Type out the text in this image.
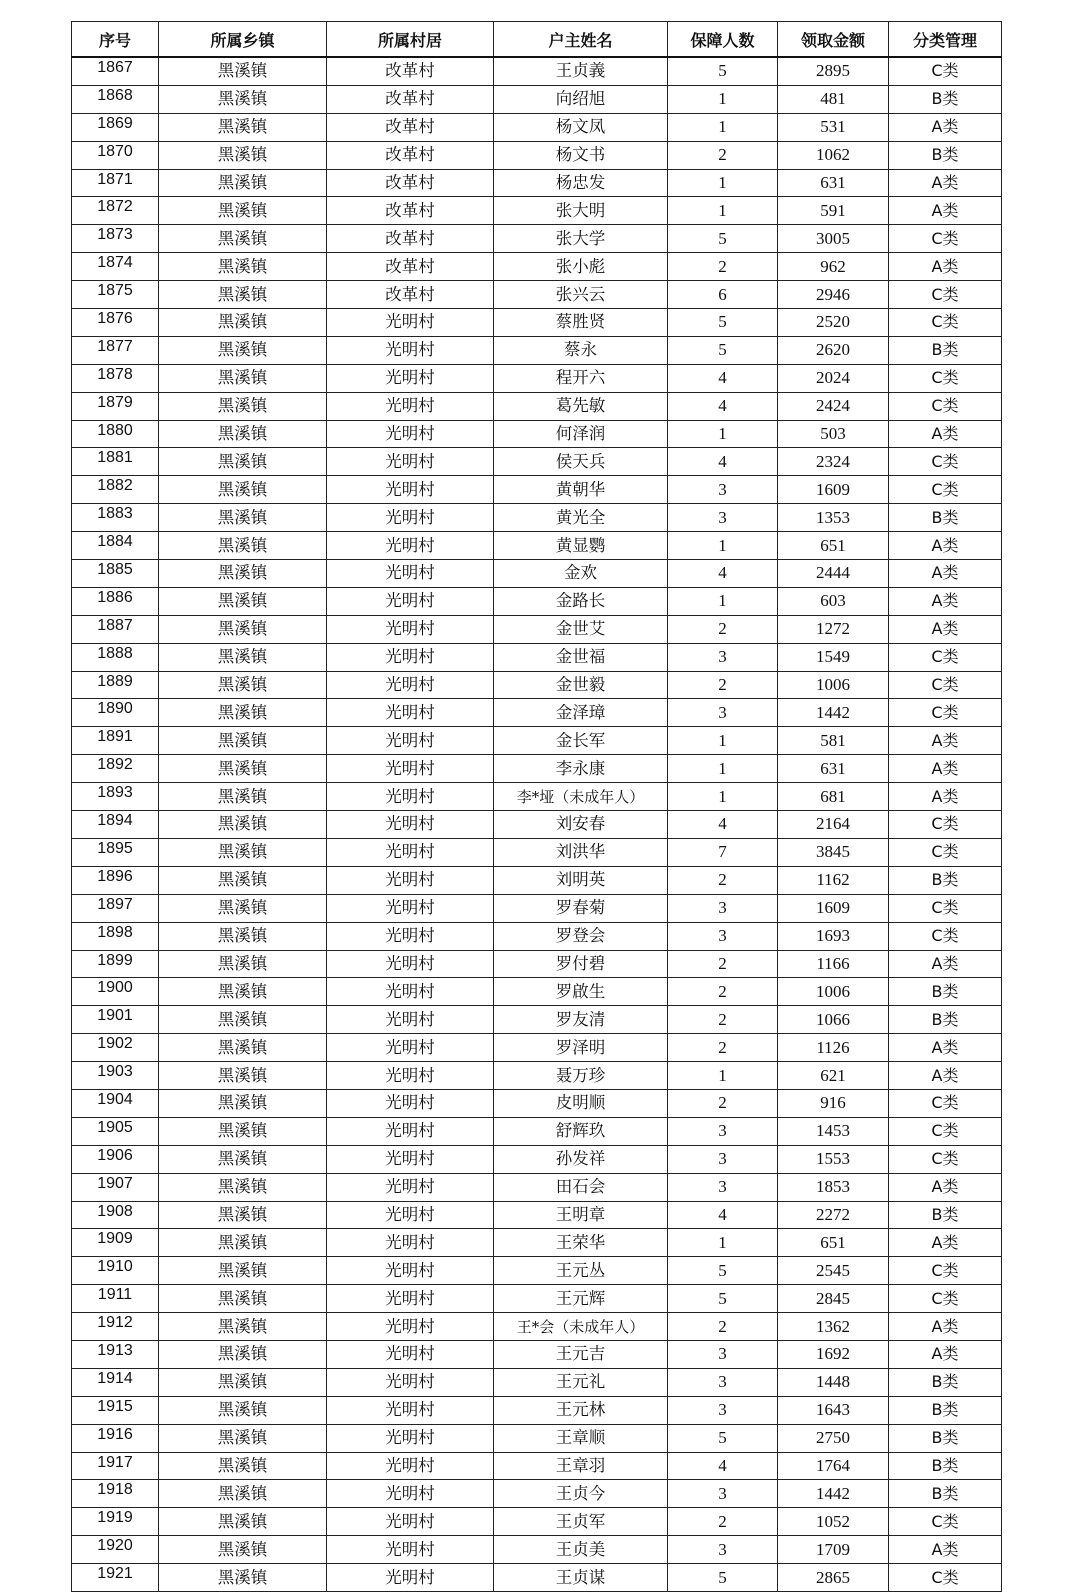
序号	所属乡镇	所属村居	户主姓名	保障人数	领取金额	分类管理
1867	黑溪镇	改革村	王贞義	5	2895	C类
1868	黑溪镇	改革村	向绍旭	1	481	B类
1869	黑溪镇	改革村	杨文凤	1	531	A类
1870	黑溪镇	改革村	杨文书	2	1062	B类
1871	黑溪镇	改革村	杨忠发	1	631	A类
1872	黑溪镇	改革村	张大明	1	591	A类
1873	黑溪镇	改革村	张大学	5	3005	C类
1874	黑溪镇	改革村	张小彪	2	962	A类
1875	黑溪镇	改革村	张兴云	6	2946	C类
1876	黑溪镇	光明村	蔡胜贤	5	2520	C类
1877	黑溪镇	光明村	蔡永	5	2620	B类
1878	黑溪镇	光明村	程开六	4	2024	C类
1879	黑溪镇	光明村	葛先敏	4	2424	C类
1880	黑溪镇	光明村	何泽润	1	503	A类
1881	黑溪镇	光明村	侯天兵	4	2324	C类
1882	黑溪镇	光明村	黄朝华	3	1609	C类
1883	黑溪镇	光明村	黄光全	3	1353	B类
1884	黑溪镇	光明村	黄显鹦	1	651	A类
1885	黑溪镇	光明村	金欢	4	2444	A类
1886	黑溪镇	光明村	金路长	1	603	A类
1887	黑溪镇	光明村	金世艾	2	1272	A类
1888	黑溪镇	光明村	金世福	3	1549	C类
1889	黑溪镇	光明村	金世毅	2	1006	C类
1890	黑溪镇	光明村	金泽璋	3	1442	C类
1891	黑溪镇	光明村	金长军	1	581	A类
1892	黑溪镇	光明村	李永康	1	631	A类
1893	黑溪镇	光明村	李*垭（未成年人）	1	681	A类
1894	黑溪镇	光明村	刘安春	4	2164	C类
1895	黑溪镇	光明村	刘洪华	7	3845	C类
1896	黑溪镇	光明村	刘明英	2	1162	B类
1897	黑溪镇	光明村	罗春菊	3	1609	C类
1898	黑溪镇	光明村	罗登会	3	1693	C类
1899	黑溪镇	光明村	罗付碧	2	1166	A类
1900	黑溪镇	光明村	罗啟生	2	1006	B类
1901	黑溪镇	光明村	罗友清	2	1066	B类
1902	黑溪镇	光明村	罗泽明	2	1126	A类
1903	黑溪镇	光明村	聂万珍	1	621	A类
1904	黑溪镇	光明村	皮明顺	2	916	C类
1905	黑溪镇	光明村	舒辉玖	3	1453	C类
1906	黑溪镇	光明村	孙发祥	3	1553	C类
1907	黑溪镇	光明村	田石会	3	1853	A类
1908	黑溪镇	光明村	王明章	4	2272	B类
1909	黑溪镇	光明村	王荣华	1	651	A类
1910	黑溪镇	光明村	王元丛	5	2545	C类
1911	黑溪镇	光明村	王元辉	5	2845	C类
1912	黑溪镇	光明村	王*会（未成年人）	2	1362	A类
1913	黑溪镇	光明村	王元吉	3	1692	A类
1914	黑溪镇	光明村	王元礼	3	1448	B类
1915	黑溪镇	光明村	王元林	3	1643	B类
1916	黑溪镇	光明村	王章顺	5	2750	B类
1917	黑溪镇	光明村	王章羽	4	1764	B类
1918	黑溪镇	光明村	王贞今	3	1442	B类
1919	黑溪镇	光明村	王贞军	2	1052	C类
1920	黑溪镇	光明村	王贞美	3	1709	A类
1921	黑溪镇	光明村	王贞谋	5	2865	C类
